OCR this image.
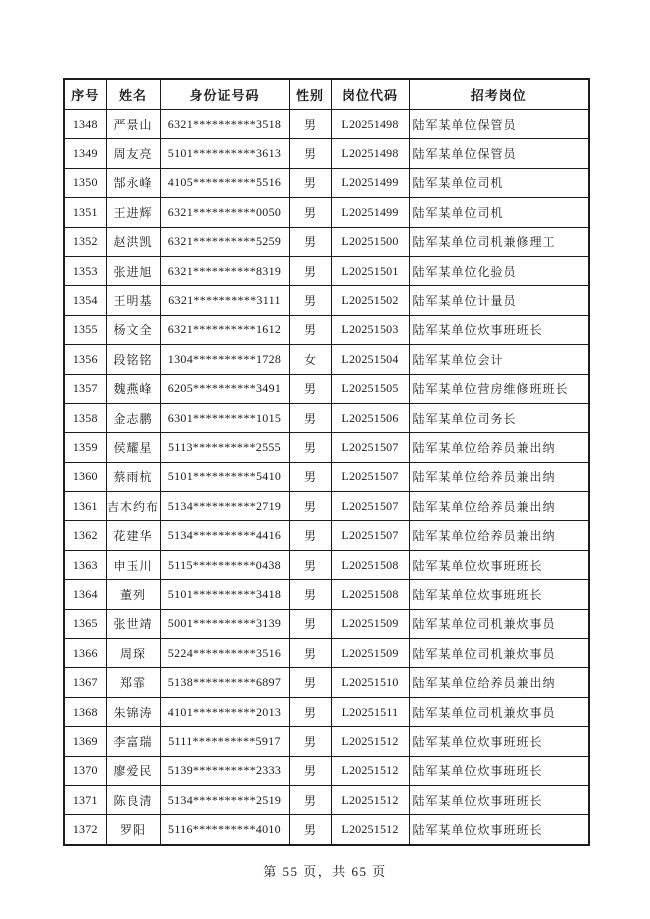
序号	姓名	身份证号码	性别	岗位代码	招考岗位
1348	严景山	6321**********3518	男	L20251498	陆军某单位保管员
1349	周友亮	5101**********3613	男	L20251498	陆军某单位保管员
1350	郜永峰	4105**********5516	男	L20251499	陆军某单位司机
1351	王进辉	6321**********0050	男	L20251499	陆军某单位司机
1352	赵洪凯	6321**********5259	男	L20251500	陆军某单位司机兼修理工
1353	张进旭	6321**********8319	男	L20251501	陆军某单位化验员
1354	王明基	6321**********3111	男	L20251502	陆军某单位计量员
1355	杨文全	6321**********1612	男	L20251503	陆军某单位炊事班班长
1356	段铭铭	1304**********1728	女	L20251504	陆军某单位会计
1357	魏燕峰	6205**********3491	男	L20251505	陆军某单位营房维修班班长
1358	金志鹏	6301**********1015	男	L20251506	陆军某单位司务长
1359	侯耀星	5113**********2555	男	L20251507	陆军某单位给养员兼出纳
1360	蔡雨杭	5101**********5410	男	L20251507	陆军某单位给养员兼出纳
1361	吉木约布	5134**********2719	男	L20251507	陆军某单位给养员兼出纳
1362	花建华	5134**********4416	男	L20251507	陆军某单位给养员兼出纳
1363	申玉川	5115**********0438	男	L20251508	陆军某单位炊事班班长
1364	董列	5101**********3418	男	L20251508	陆军某单位炊事班班长
1365	张世靖	5001**********3139	男	L20251509	陆军某单位司机兼炊事员
1366	周琛	5224**********3516	男	L20251509	陆军某单位司机兼炊事员
1367	郑霏	5138**********6897	男	L20251510	陆军某单位给养员兼出纳
1368	朱锦涛	4101**********2013	男	L20251511	陆军某单位司机兼炊事员
1369	李富瑞	5111**********5917	男	L20251512	陆军某单位炊事班班长
1370	廖爱民	5139**********2333	男	L20251512	陆军某单位炊事班班长
1371	陈良清	5134**********2519	男	L20251512	陆军某单位炊事班班长
1372	罗阳	5116**********4010	男	L20251512	陆军某单位炊事班班长
第 55 页，共 65 页
